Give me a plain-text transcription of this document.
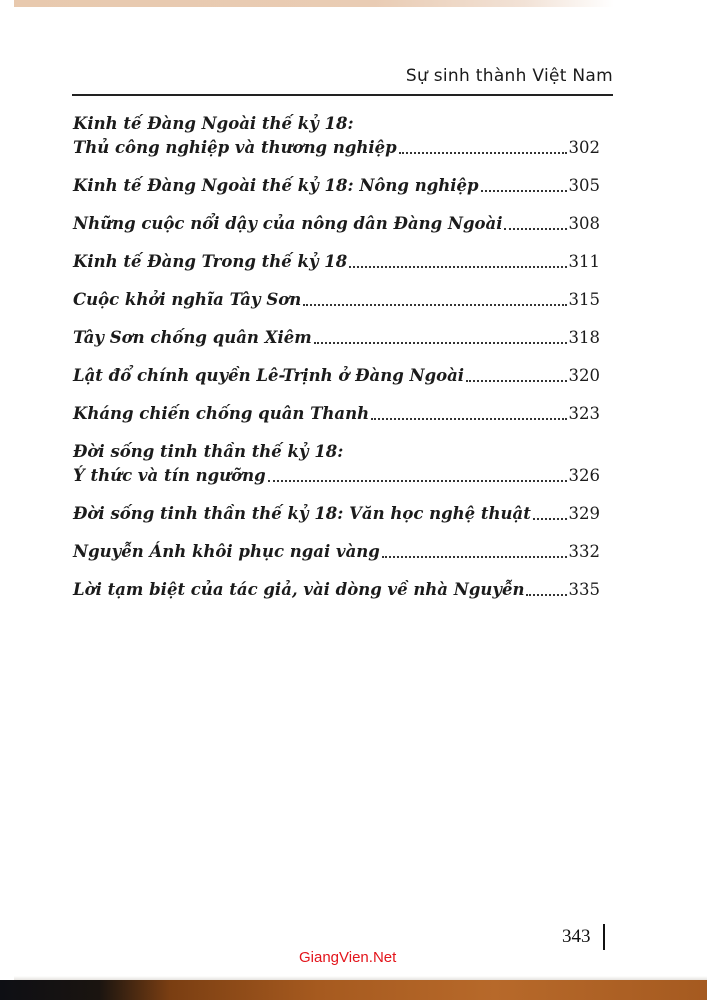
Sự sinh thành Việt Nam
Kinh tế Đàng Ngoài thế kỷ 18:
Thủ công nghiệp và thương nghiệp	302
Kinh tế Đàng Ngoài thế kỷ 18: Nông nghiệp	305
Những cuộc nổi dậy của nông dân Đàng Ngoài	308
Kinh tế Đàng Trong thế kỷ 18	311
Cuộc khởi nghĩa Tây Sơn	315
Tây Sơn chống quân Xiêm	318
Lật đổ chính quyền Lê-Trịnh ở Đàng Ngoài	320
Kháng chiến chống quân Thanh	323
Đời sống tinh thần thế kỷ 18:
Ý thức và tín ngưỡng	326
Đời sống tinh thần thế kỷ 18: Văn học nghệ thuật 329
Nguyễn Ánh khôi phục ngai vàng	332
Lời tạm biệt của tác giả, vài dòng về nhà Nguyễn	335
343
GiangVien.Net
